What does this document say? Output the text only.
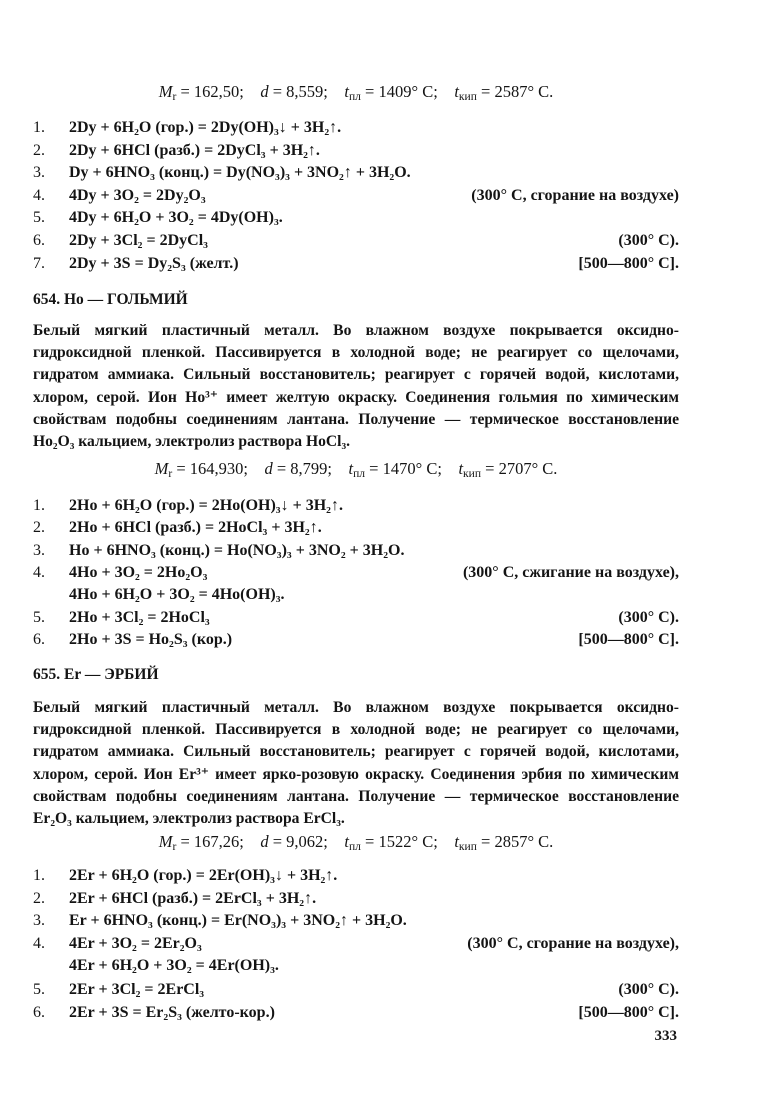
$M_r = 162,50$;    d = 8,559;    $t_{пл} = 1409^\circ$ С;    $t_{кип} = 2587^\circ$ С.
1.	2Dy + 6H₂O (гор.) = 2Dy(OH)₃↓ + 3H₂↑.
2.	2Dy + 6HCl (разб.) = 2DyCl₃ + 3H₂↑.
3.	Dy + 6HNO₃ (конц.) = Dy(NO₃)₃ + 3NO₂↑ + 3H₂O.
4.	4Dy + 3O₂ = 2Dy₂O₃	(300° С, сгорание на воздухе)
5.	4Dy + 6H₂O + 3O₂ = 4Dy(OH)₃.
6.	2Dy + 3Cl₂ = 2DyCl₃	(300° С).
7.	2Dy + 3S = Dy₂S₃ (желт.)	[500—800° С].
654. Но — ГОЛЬМИЙ
Белый мягкий пластичный металл. Во влажном воздухе покрывается оксидно-гидроксидной пленкой. Пассивируется в холодной воде; не реагирует со щелочами, гидратом аммиака. Сильный восстановитель; реагирует с горячей водой, кислотами, хлором, серой. Ион Ho³⁺ имеет желтую окраску. Соединения гольмия по химическим свойствам подобны соединениям лантана. Получение — термическое восстановление Ho₂O₃ кальцием, электролиз раствора HoCl₃.
$M_r = 164,930$;    d = 8,799;    $t_{пл} = 1470^\circ$ С;    $t_{кип} = 2707^\circ$ С.
1.	2Ho + 6H₂O (гор.) = 2Ho(OH)₃↓ + 3H₂↑.
2.	2Ho + 6HCl (разб.) = 2HoCl₃ + 3H₂↑.
3.	Ho + 6HNO₃ (конц.) = Ho(NO₃)₃ + 3NO₂ + 3H₂O.
4.	4Ho + 3O₂ = 2Ho₂O₃	(300° С, сжигание на воздухе),
4Ho + 6H₂O + 3O₂ = 4Ho(OH)₃.
5.	2Ho + 3Cl₂ = 2HoCl₃	(300° С).
6.	2Ho + 3S = Ho₂S₃ (кор.)	[500—800° С].
655. Er — ЭРБИЙ
Белый мягкий пластичный металл. Во влажном воздухе покрывается оксидно-гидроксидной пленкой. Пассивируется в холодной воде; не реагирует со щелочами, гидратом аммиака. Сильный восстановитель; реагирует с горячей водой, кислотами, хлором, серой. Ион Er³⁺ имеет ярко-розовую окраску. Соединения эрбия по химическим свойствам подобны соединениям лантана. Получение — термическое восстановление Er₂O₃ кальцием, электролиз раствора ErCl₃.
$M_r = 167,26$;    d = 9,062;    $t_{пл} = 1522^\circ$ С;    $t_{кип} = 2857^\circ$ С.
1.	2Er + 6H₂O (гор.) = 2Er(OH)₃↓ + 3H₂↑.
2.	2Er + 6HCl (разб.) = 2ErCl₃ + 3H₂↑.
3.	Er + 6HNO₃ (конц.) = Er(NO₃)₃ + 3NO₂↑ + 3H₂O.
4.	4Er + 3O₂ = 2Er₂O₃	(300° С, сгорание на воздухе),
4Er + 6H₂O + 3O₂ = 4Er(OH)₃.
5.	2Er + 3Cl₂ = 2ErCl₃	(300° С).
6.	2Er + 3S = Er₂S₃ (желто-кор.)	[500—800° С].
333
